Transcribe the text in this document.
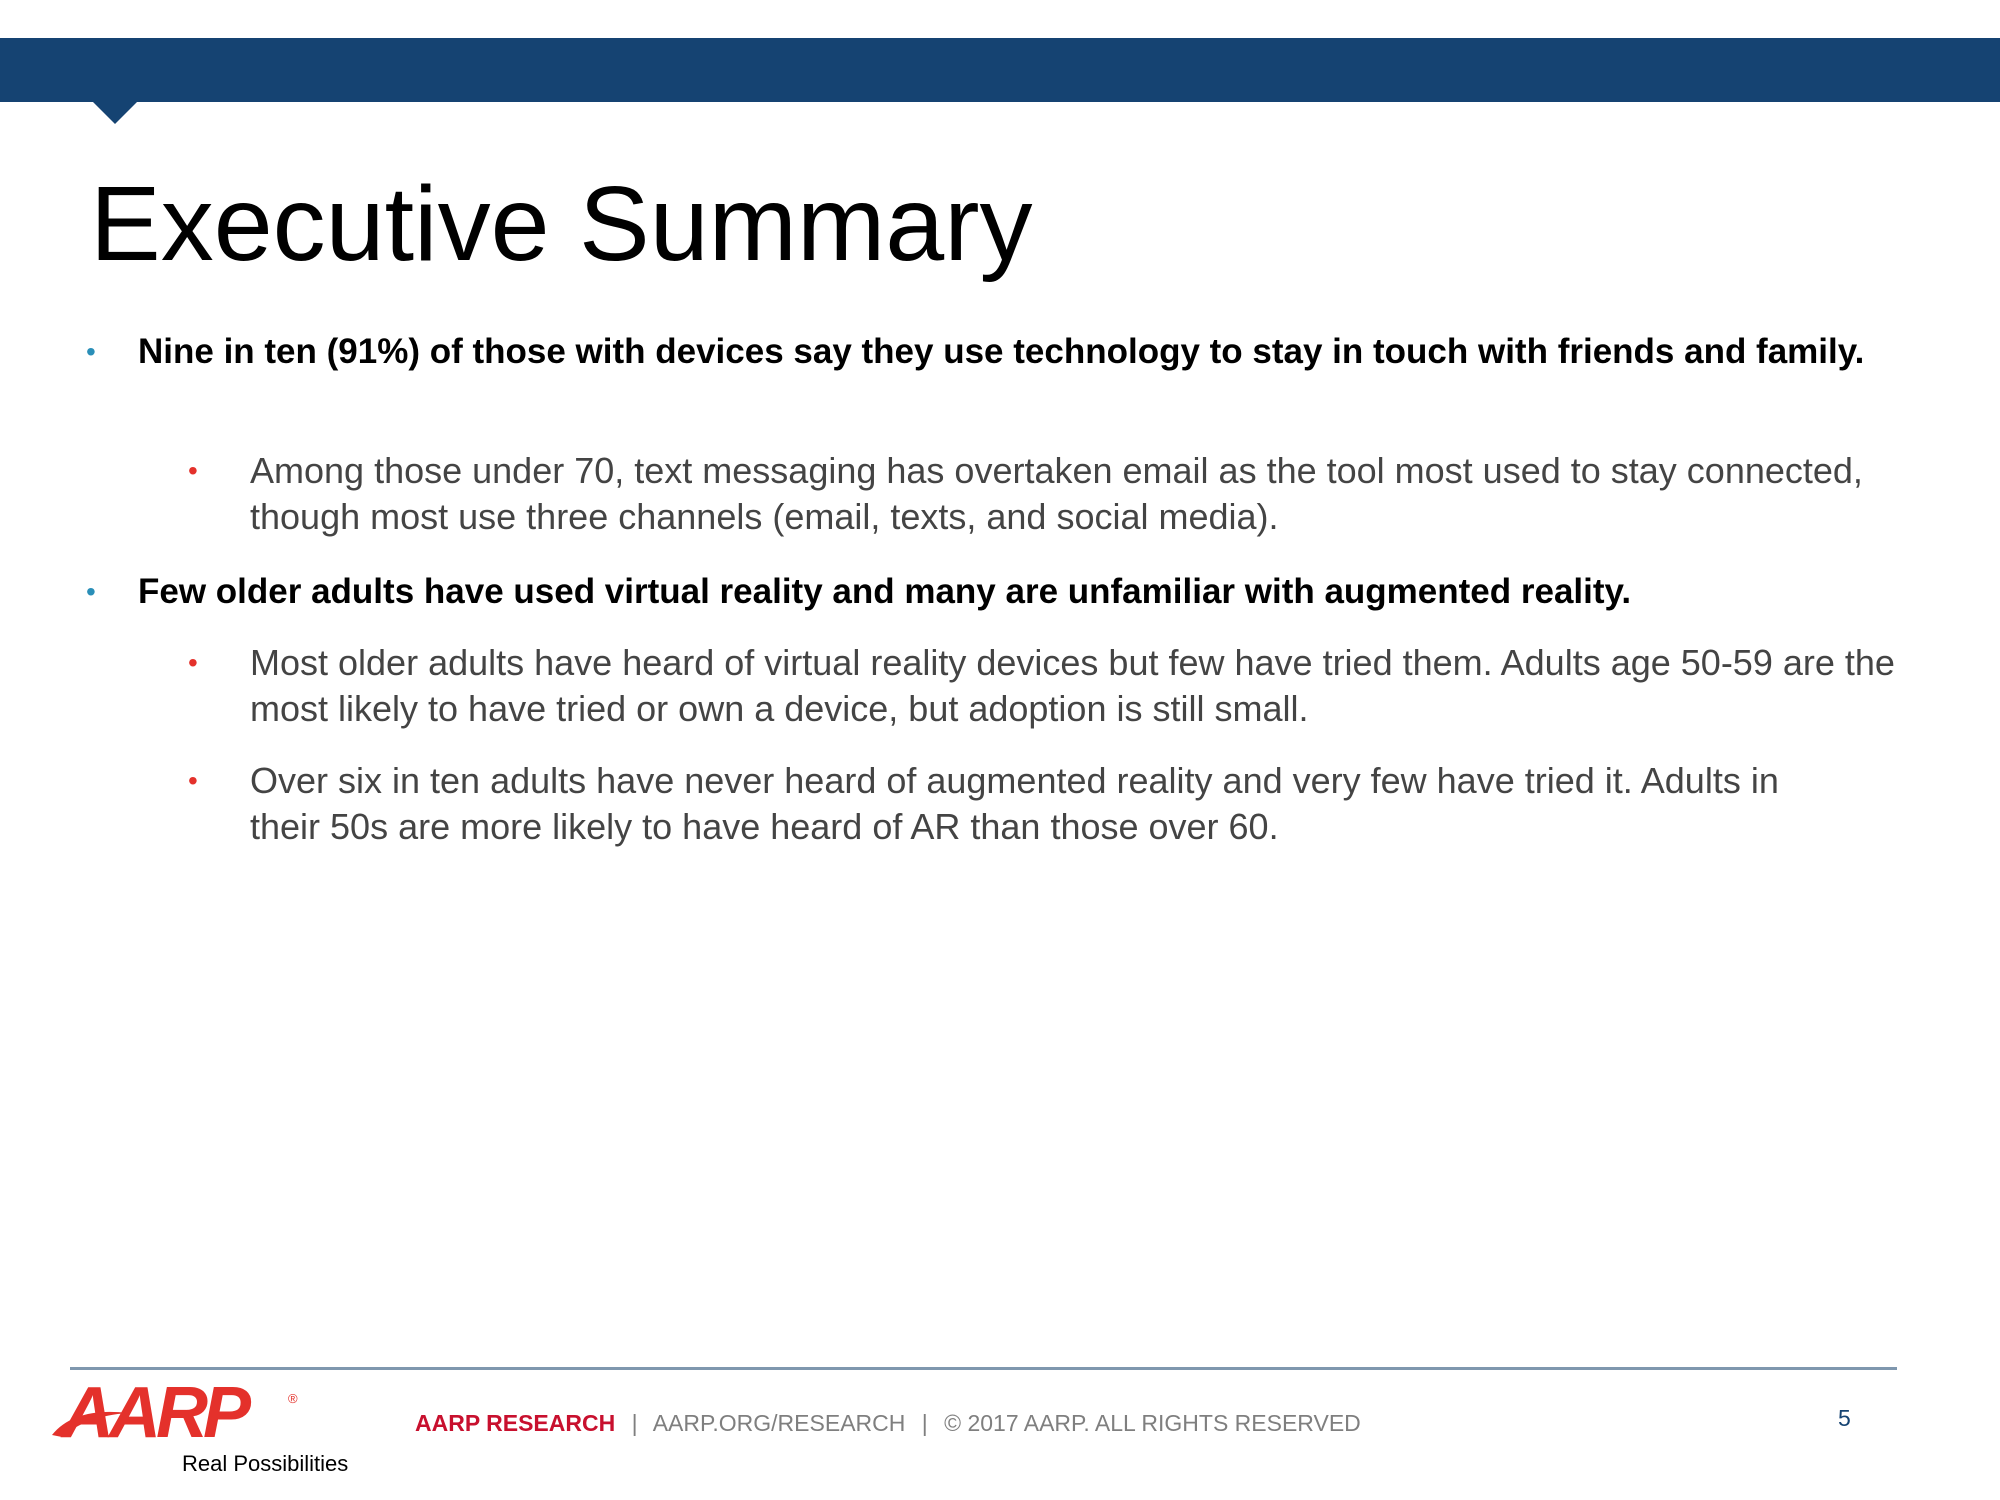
Executive Summary

• Nine in ten (91%) of those with devices say they use technology to stay in touch with friends and family.

• Among those under 70, text messaging has overtaken email as the tool most used to stay connected, though most use three channels (email, texts, and social media).

• Few older adults have used virtual reality and many are unfamiliar with augmented reality.

• Most older adults have heard of virtual reality devices but few have tried them. Adults age 50-59 are the most likely to have tried or own a device, but adoption is still small.

• Over six in ten adults have never heard of augmented reality and very few have tried it. Adults in their 50s are more likely to have heard of AR than those over 60.

AARP	®
Real Possibilities
AARP RESEARCH | AARP.ORG/RESEARCH | © 2017 AARP. ALL RIGHTS RESERVED	5
